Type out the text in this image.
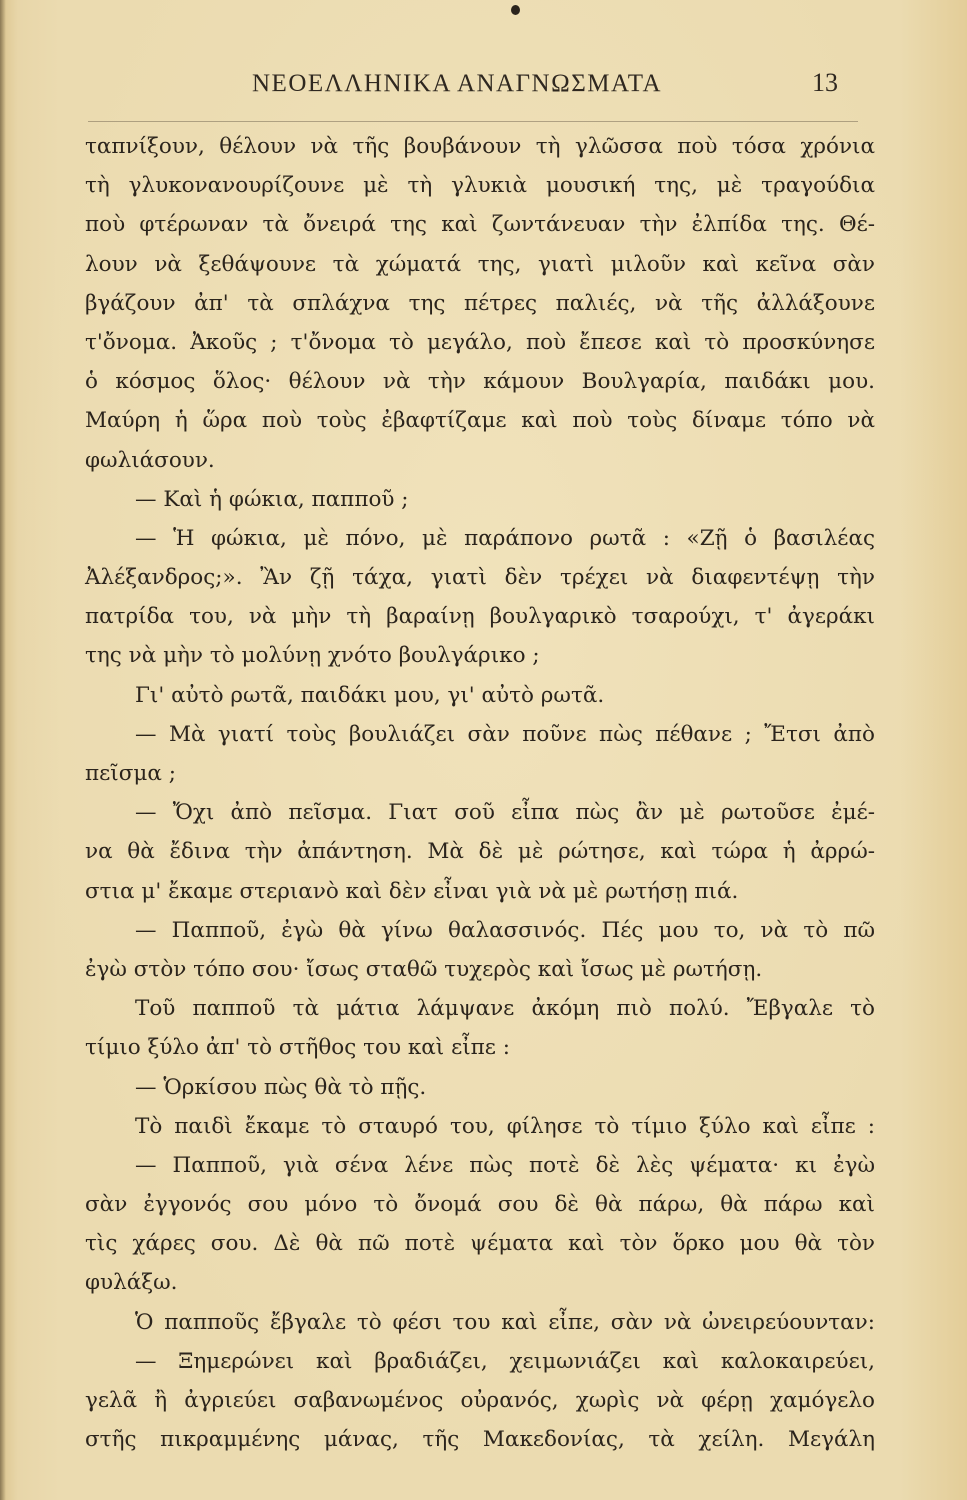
ΝΕΟΕΛΛΗΝΙΚΑ ΑΝΑΓΝΩΣΜΑΤΑ	13
ταπνίξουν, θέλουν νὰ τῆς βουβάνουν τὴ γλῶσσα ποὺ τόσα χρόνια
τὴ γλυκονανουρίζουνε μὲ τὴ γλυκιὰ μουσική της, μὲ τραγούδια
ποὺ φτέρωναν τὰ ὄνειρά της καὶ ζωντάνευαν τὴν ἐλπίδα της. Θέ-
λουν νὰ ξεθάψουνε τὰ χώματά της, γιατὶ μιλοῦν καὶ κεῖνα σὰν
βγάζουν ἀπ' τὰ σπλάχνα της πέτρες παλιές, νὰ τῆς ἀλλάξουνε
τ'ὄνομα. Ἀκοῦς ; τ'ὄνομα τὸ μεγάλο, ποὺ ἔπεσε καὶ τὸ προσκύνησε
ὁ κόσμος ὅλος· θέλουν νὰ τὴν κάμουν Βουλγαρία, παιδάκι μου.
Μαύρη ἡ ὥρα ποὺ τοὺς ἐβαφτίζαμε καὶ ποὺ τοὺς δίναμε τόπο νὰ
φωλιάσουν.
— Καὶ ἡ φώκια, παπποῦ ;
— Ἡ φώκια, μὲ πόνο, μὲ παράπονο ρωτᾶ : «Ζῇ ὁ βασιλέας
Ἀλέξανδρος;». Ἂν ζῇ τάχα, γιατὶ δὲν τρέχει νὰ διαφεντέψῃ τὴν
πατρίδα του, νὰ μὴν τὴ βαραίνῃ βουλγαρικὸ τσαρούχι, τ' ἀγεράκι
της νὰ μὴν τὸ μολύνῃ χνότο βουλγάρικο ;
Γι' αὐτὸ ρωτᾶ, παιδάκι μου, γι' αὐτὸ ρωτᾶ.
— Μὰ γιατί τοὺς βουλιάζει σὰν ποῦνε πὼς πέθανε ; Ἔτσι ἀπὸ
πεῖσμα ;
— Ὄχι ἀπὸ πεῖσμα. Γιατ σοῦ εἶπα πὼς ἂν μὲ ρωτοῦσε ἐμέ-
να θὰ ἔδινα τὴν ἀπάντηση. Μὰ δὲ μὲ ρώτησε, καὶ τώρα ἡ ἀρρώ-
στια μ' ἔκαμε στεριανὸ καὶ δὲν εἶναι γιὰ νὰ μὲ ρωτήσῃ πιά.
— Παπποῦ, ἐγὼ θὰ γίνω θαλασσινός. Πές μου το, νὰ τὸ πῶ
ἐγὼ στὸν τόπο σου· ἴσως σταθῶ τυχερὸς καὶ ἴσως μὲ ρωτήσῃ.
Τοῦ παπποῦ τὰ μάτια λάμψανε ἀκόμη πιὸ πολύ. Ἔβγαλε τὸ
τίμιο ξύλο ἀπ' τὸ στῆθος του καὶ εἶπε :
— Ὁρκίσου πὼς θὰ τὸ πῇς.
Τὸ παιδὶ ἔκαμε τὸ σταυρό του, φίλησε τὸ τίμιο ξύλο καὶ εἶπε :
— Παπποῦ, γιὰ σένα λένε πὼς ποτὲ δὲ λὲς ψέματα· κι ἐγὼ
σὰν ἐγγονός σου μόνο τὸ ὄνομά σου δὲ θὰ πάρω, θὰ πάρω καὶ
τὶς χάρες σου. Δὲ θὰ πῶ ποτὲ ψέματα καὶ τὸν ὅρκο μου θὰ τὸν
φυλάξω.
Ὁ παπποῦς ἔβγαλε τὸ φέσι του καὶ εἶπε, σὰν νὰ ὠνειρεύουνταν:
— Ξημερώνει καὶ βραδιάζει, χειμωνιάζει καὶ καλοκαιρεύει,
γελᾶ ἢ ἀγριεύει σαβανωμένος οὐρανός, χωρὶς νὰ φέρῃ χαμόγελο
στῆς πικραμμένης μάνας, τῆς Μακεδονίας, τὰ χείλη. Μεγάλη
